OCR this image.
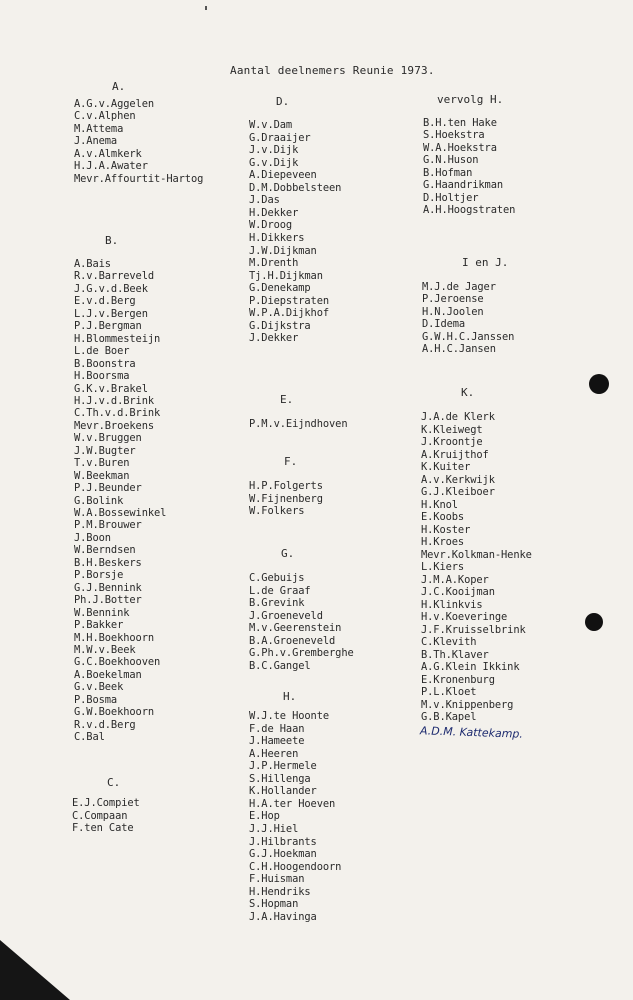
Aantal deelnemers Reunie 1973.
A.
A.G.v.Aggelen
C.v.Alphen
M.Attema
J.Anema
A.v.Almkerk
H.J.A.Awater
Mevr.Affourtit-Hartog
B.
A.Bais
R.v.Barreveld
J.G.v.d.Beek
E.v.d.Berg
L.J.v.Bergen
P.J.Bergman
H.Blommesteijn
L.de Boer
B.Boonstra
H.Boorsma
G.K.v.Brakel
H.J.v.d.Brink
C.Th.v.d.Brink
Mevr.Broekens
W.v.Bruggen
J.W.Bugter
T.v.Buren
W.Beekman
P.J.Beunder
G.Bolink
W.A.Bossewinkel
P.M.Brouwer
J.Boon
W.Berndsen
B.H.Beskers
P.Borsje
G.J.Bennink
Ph.J.Botter
W.Bennink
P.Bakker
M.H.Boekhoorn
M.W.v.Beek
G.C.Boekhooven
A.Boekelman
G.v.Beek
P.Bosma
G.W.Boekhoorn
R.v.d.Berg
C.Bal
C.
E.J.Compiet
C.Compaan
F.ten Cate
D.
W.v.Dam
G.Draaijer
J.v.Dijk
G.v.Dijk
A.Diepeveen
D.M.Dobbelsteen
J.Das
H.Dekker
W.Droog
H.Dikkers
J.W.Dijkman
M.Drenth
Tj.H.Dijkman
G.Denekamp
P.Diepstraten
W.P.A.Dijkhof
G.Dijkstra
J.Dekker
E.
P.M.v.Eijndhoven
F.
H.P.Folgerts
W.Fijnenberg
W.Folkers
G.
C.Gebuijs
L.de Graaf
B.Grevink
J.Groeneveld
M.v.Geerenstein
B.A.Groeneveld
G.Ph.v.Gremberghe
B.C.Gangel
H.
W.J.te Hoonte
F.de Haan
J.Hameete
A.Heeren
J.P.Hermele
S.Hillenga
K.Hollander
H.A.ter Hoeven
E.Hop
J.J.Hiel
J.Hilbrants
G.J.Hoekman
C.H.Hoogendoorn
F.Huisman
H.Hendriks
S.Hopman
J.A.Havinga
vervolg H.
B.H.ten Hake
S.Hoekstra
W.A.Hoekstra
G.N.Huson
B.Hofman
G.Haandrikman
D.Holtjer
A.H.Hoogstraten
I en J.
M.J.de Jager
P.Jeroense
H.N.Joolen
D.Idema
G.W.H.C.Janssen
A.H.C.Jansen
K.
J.A.de Klerk
K.Kleiwegt
J.Kroontje
A.Kruijthof
K.Kuiter
A.v.Kerkwijk
G.J.Kleiboer
H.Knol
E.Koobs
H.Koster
H.Kroes
Mevr.Kolkman-Henke
L.Kiers
J.M.A.Koper
J.C.Kooijman
H.Klinkvis
H.v.Koeveringe
J.F.Kruisselbrink
C.Klevith
B.Th.Klaver
A.G.Klein Ikkink
E.Kronenburg
P.L.Kloet
M.v.Knippenberg
G.B.Kapel
A.D.M. Kattekamp.
